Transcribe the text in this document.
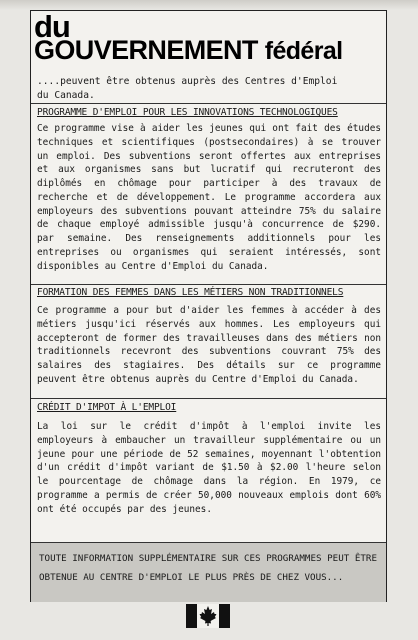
du
GOUVERNEMENT fédéral
....peuvent être obtenus auprès des Centres d'Emploi
du Canada.
PROGRAMME D'EMPLOI POUR LES INNOVATIONS TECHNOLOGIQUES
Ce programme vise à aider les jeunes qui ont fait des études techniques et scientifiques (postsecondaires) à se trouver un emploi. Des subventions seront offertes aux entreprises et aux organismes sans but lucratif qui recruteront des diplômés en chômage pour participer à des travaux de recherche et de développement. Le programme accordera aux employeurs des subventions pouvant atteindre 75% du salaire de chaque employé admissible jusqu'à concurrence de $290. par semaine. Des renseignements additionnels pour les entreprises ou organismes qui seraient intéressés, sont disponibles au Centre d'Emploi du Canada.
FORMATION DES FEMMES DANS LES MÉTIERS NON TRADITIONNELS
Ce programme a pour but d'aider les femmes à accéder à des métiers jusqu'ici réservés aux hommes. Les employeurs qui accepteront de former des travailleuses dans des métiers non traditionnels recevront des subventions couvrant 75% des salaires des stagiaires. Des détails sur ce programme peuvent être obtenus auprès du Centre d'Emploi du Canada.
CRÉDIT D'IMPOT À L'EMPLOI
La loi sur le crédit d'impôt à l'emploi invite les employeurs à embaucher un travailleur supplémentaire ou un jeune pour une période de 52 semaines, moyennant l'obtention d'un crédit d'impôt variant de $1.50 à $2.00 l'heure selon le pourcentage de chômage dans la région. En 1979, ce programme a permis de créer 50,000 nouveaux emplois dont 60% ont été occupés par des jeunes.
TOUTE INFORMATION SUPPLÉMENTAIRE SUR CES PROGRAMMES PEUT ÊTRE OBTENUE AU CENTRE D'EMPLOI LE PLUS PRÈS DE CHEZ VOUS...
